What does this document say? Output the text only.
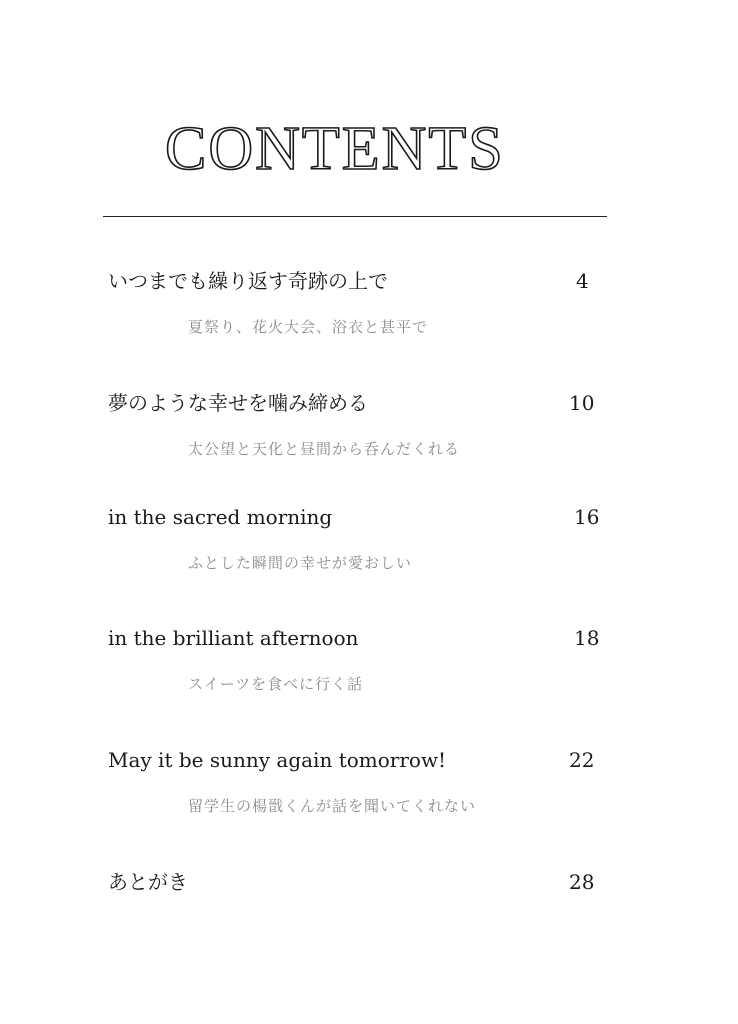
CONTENTS
いつまでも繰り返す奇跡の上で	4
夏祭り、花火大会、浴衣と甚平で
夢のような幸せを噛み締める	10
太公望と天化と昼間から呑んだくれる
in the sacred morning	16
ふとした瞬間の幸せが愛おしい
in the brilliant afternoon	18
スイーツを食べに行く話
May it be sunny again tomorrow!	22
留学生の楊戩くんが話を聞いてくれない
あとがき	28
